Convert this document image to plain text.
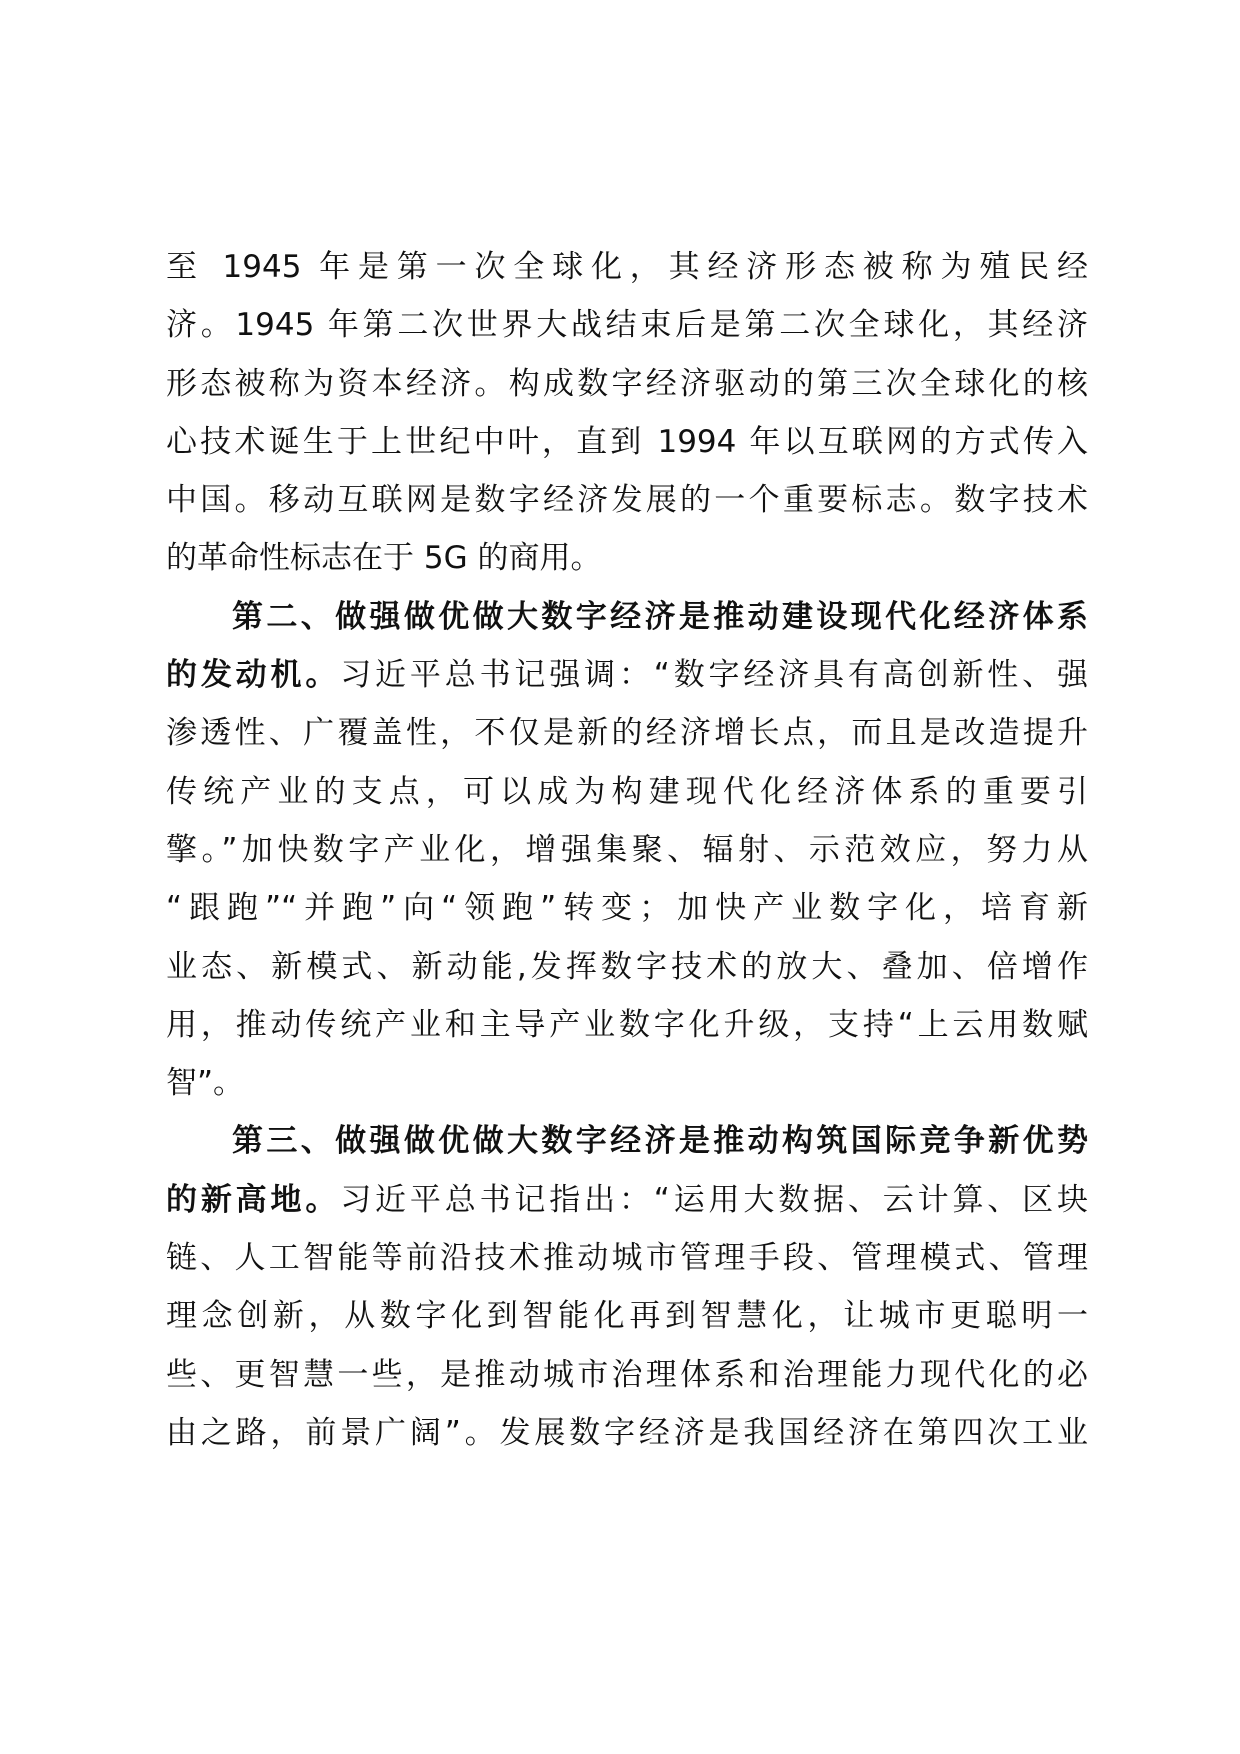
至 1945 年是第一次全球化，其经济形态被称为殖民经
济。1945 年第二次世界大战结束后是第二次全球化，其经济
形态被称为资本经济。构成数字经济驱动的第三次全球化的核
心技术诞生于上世纪中叶，直到 1994 年以互联网的方式传入
中国。移动互联网是数字经济发展的一个重要标志。数字技术
的革命性标志在于 5G 的商用。
第二、做强做优做大数字经济是推动建设现代化经济体系
的发动机。习近平总书记强调：“数字经济具有高创新性、强
渗透性、广覆盖性，不仅是新的经济增长点，而且是改造提升
传统产业的支点，可以成为构建现代化经济体系的重要引
擎。”加快数字产业化，增强集聚、辐射、示范效应，努力从
“跟跑”“并跑”向“领跑”转变；加快产业数字化，培育新
业态、新模式、新动能,发挥数字技术的放大、叠加、倍增作
用，推动传统产业和主导产业数字化升级，支持“上云用数赋
智”。
第三、做强做优做大数字经济是推动构筑国际竞争新优势
的新高地。习近平总书记指出：“运用大数据、云计算、区块
链、人工智能等前沿技术推动城市管理手段、管理模式、管理
理念创新，从数字化到智能化再到智慧化，让城市更聪明一
些、更智慧一些，是推动城市治理体系和治理能力现代化的必
由之路，前景广阔”。发展数字经济是我国经济在第四次工业
